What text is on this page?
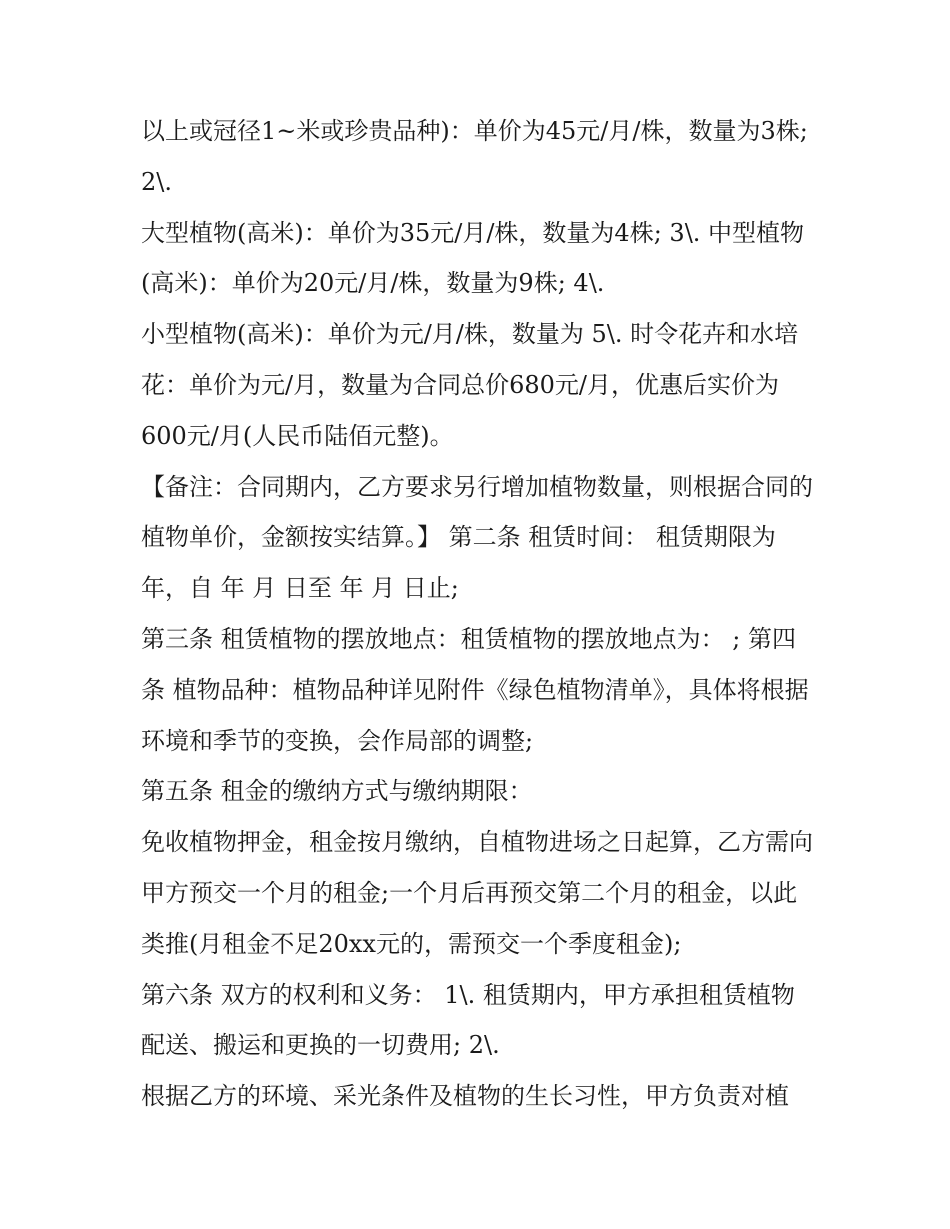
以上或冠径1~米或珍贵品种)：单价为45元/月/株，数量为3株; 2\.

大型植物(高米)：单价为35元/月/株，数量为4株; 3\. 中型植物(高米)：单价为20元/月/株，数量为9株; 4\.

小型植物(高米)：单价为元/月/株，数量为 5\. 时令花卉和水培花：单价为元/月，数量为合同总价680元/月，优惠后实价为600元/月(人民币陆佰元整)。

【备注：合同期内，乙方要求另行增加植物数量，则根据合同的植物单价，金额按实结算。】 第二条 租赁时间： 租赁期限为 年，自 年 月 日至 年 月 日止;

第三条 租赁植物的摆放地点：租赁植物的摆放地点为： ; 第四条 植物品种：植物品种详见附件《绿色植物清单》，具体将根据环境和季节的变换，会作局部的调整;

第五条 租金的缴纳方式与缴纳期限：

免收植物押金，租金按月缴纳，自植物进场之日起算，乙方需向甲方预交一个月的租金;一个月后再预交第二个月的租金，以此类推(月租金不足20xx元的，需预交一个季度租金);

第六条 双方的权利和义务： 1\. 租赁期内，甲方承担租赁植物配送、搬运和更换的一切费用; 2\.

根据乙方的环境、采光条件及植物的生长习性，甲方负责对植
